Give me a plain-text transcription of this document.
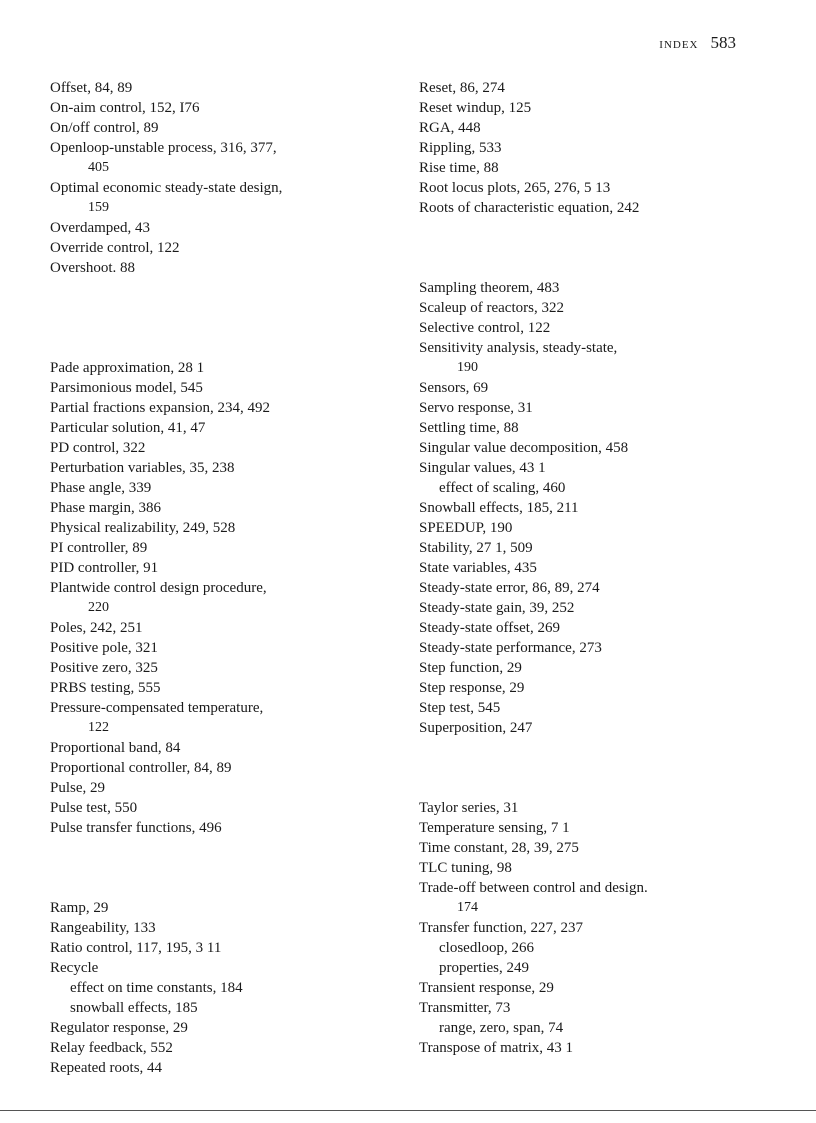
INDEX 583
Offset, 84, 89
On-aim control, 152, I76
On/off control, 89
Openloop-unstable process, 316, 377,
405
Optimal economic steady-state design,
159
Overdamped, 43
Override control, 122
Overshoot. 88
Pade approximation, 28 1
Parsimonious model, 545
Partial fractions expansion, 234, 492
Particular solution, 41, 47
PD control, 322
Perturbation variables, 35, 238
Phase angle, 339
Phase margin, 386
Physical realizability, 249, 528
PI controller, 89
PID controller, 91
Plantwide control design procedure,
220
Poles, 242, 251
Positive pole, 321
Positive zero, 325
PRBS testing, 555
Pressure-compensated temperature,
122
Proportional band, 84
Proportional controller, 84, 89
Pulse, 29
Pulse test, 550
Pulse transfer functions, 496
Ramp, 29
Rangeability, 133
Ratio control, 117, 195, 3 11
Recycle
effect on time constants, 184
snowball effects, 185
Regulator response, 29
Relay feedback, 552
Repeated roots, 44
Reset, 86, 274
Reset windup, 125
RGA, 448
Rippling, 533
Rise time, 88
Root locus plots, 265, 276, 5 13
Roots of characteristic equation, 242
Sampling theorem, 483
Scaleup of reactors, 322
Selective control, 122
Sensitivity analysis, steady-state,
190
Sensors, 69
Servo response, 31
Settling time, 88
Singular value decomposition, 458
Singular values, 43 1
effect of scaling, 460
Snowball effects, 185, 211
SPEEDUP, 190
Stability, 27 1, 509
State variables, 435
Steady-state error, 86, 89, 274
Steady-state gain, 39, 252
Steady-state offset, 269
Steady-state performance, 273
Step function, 29
Step response, 29
Step test, 545
Superposition, 247
Taylor series, 31
Temperature sensing, 7 1
Time constant, 28, 39, 275
TLC tuning, 98
Trade-off between control and design.
174
Transfer function, 227, 237
closedloop, 266
properties, 249
Transient response, 29
Transmitter, 73
range, zero, span, 74
Transpose of matrix, 43 1
